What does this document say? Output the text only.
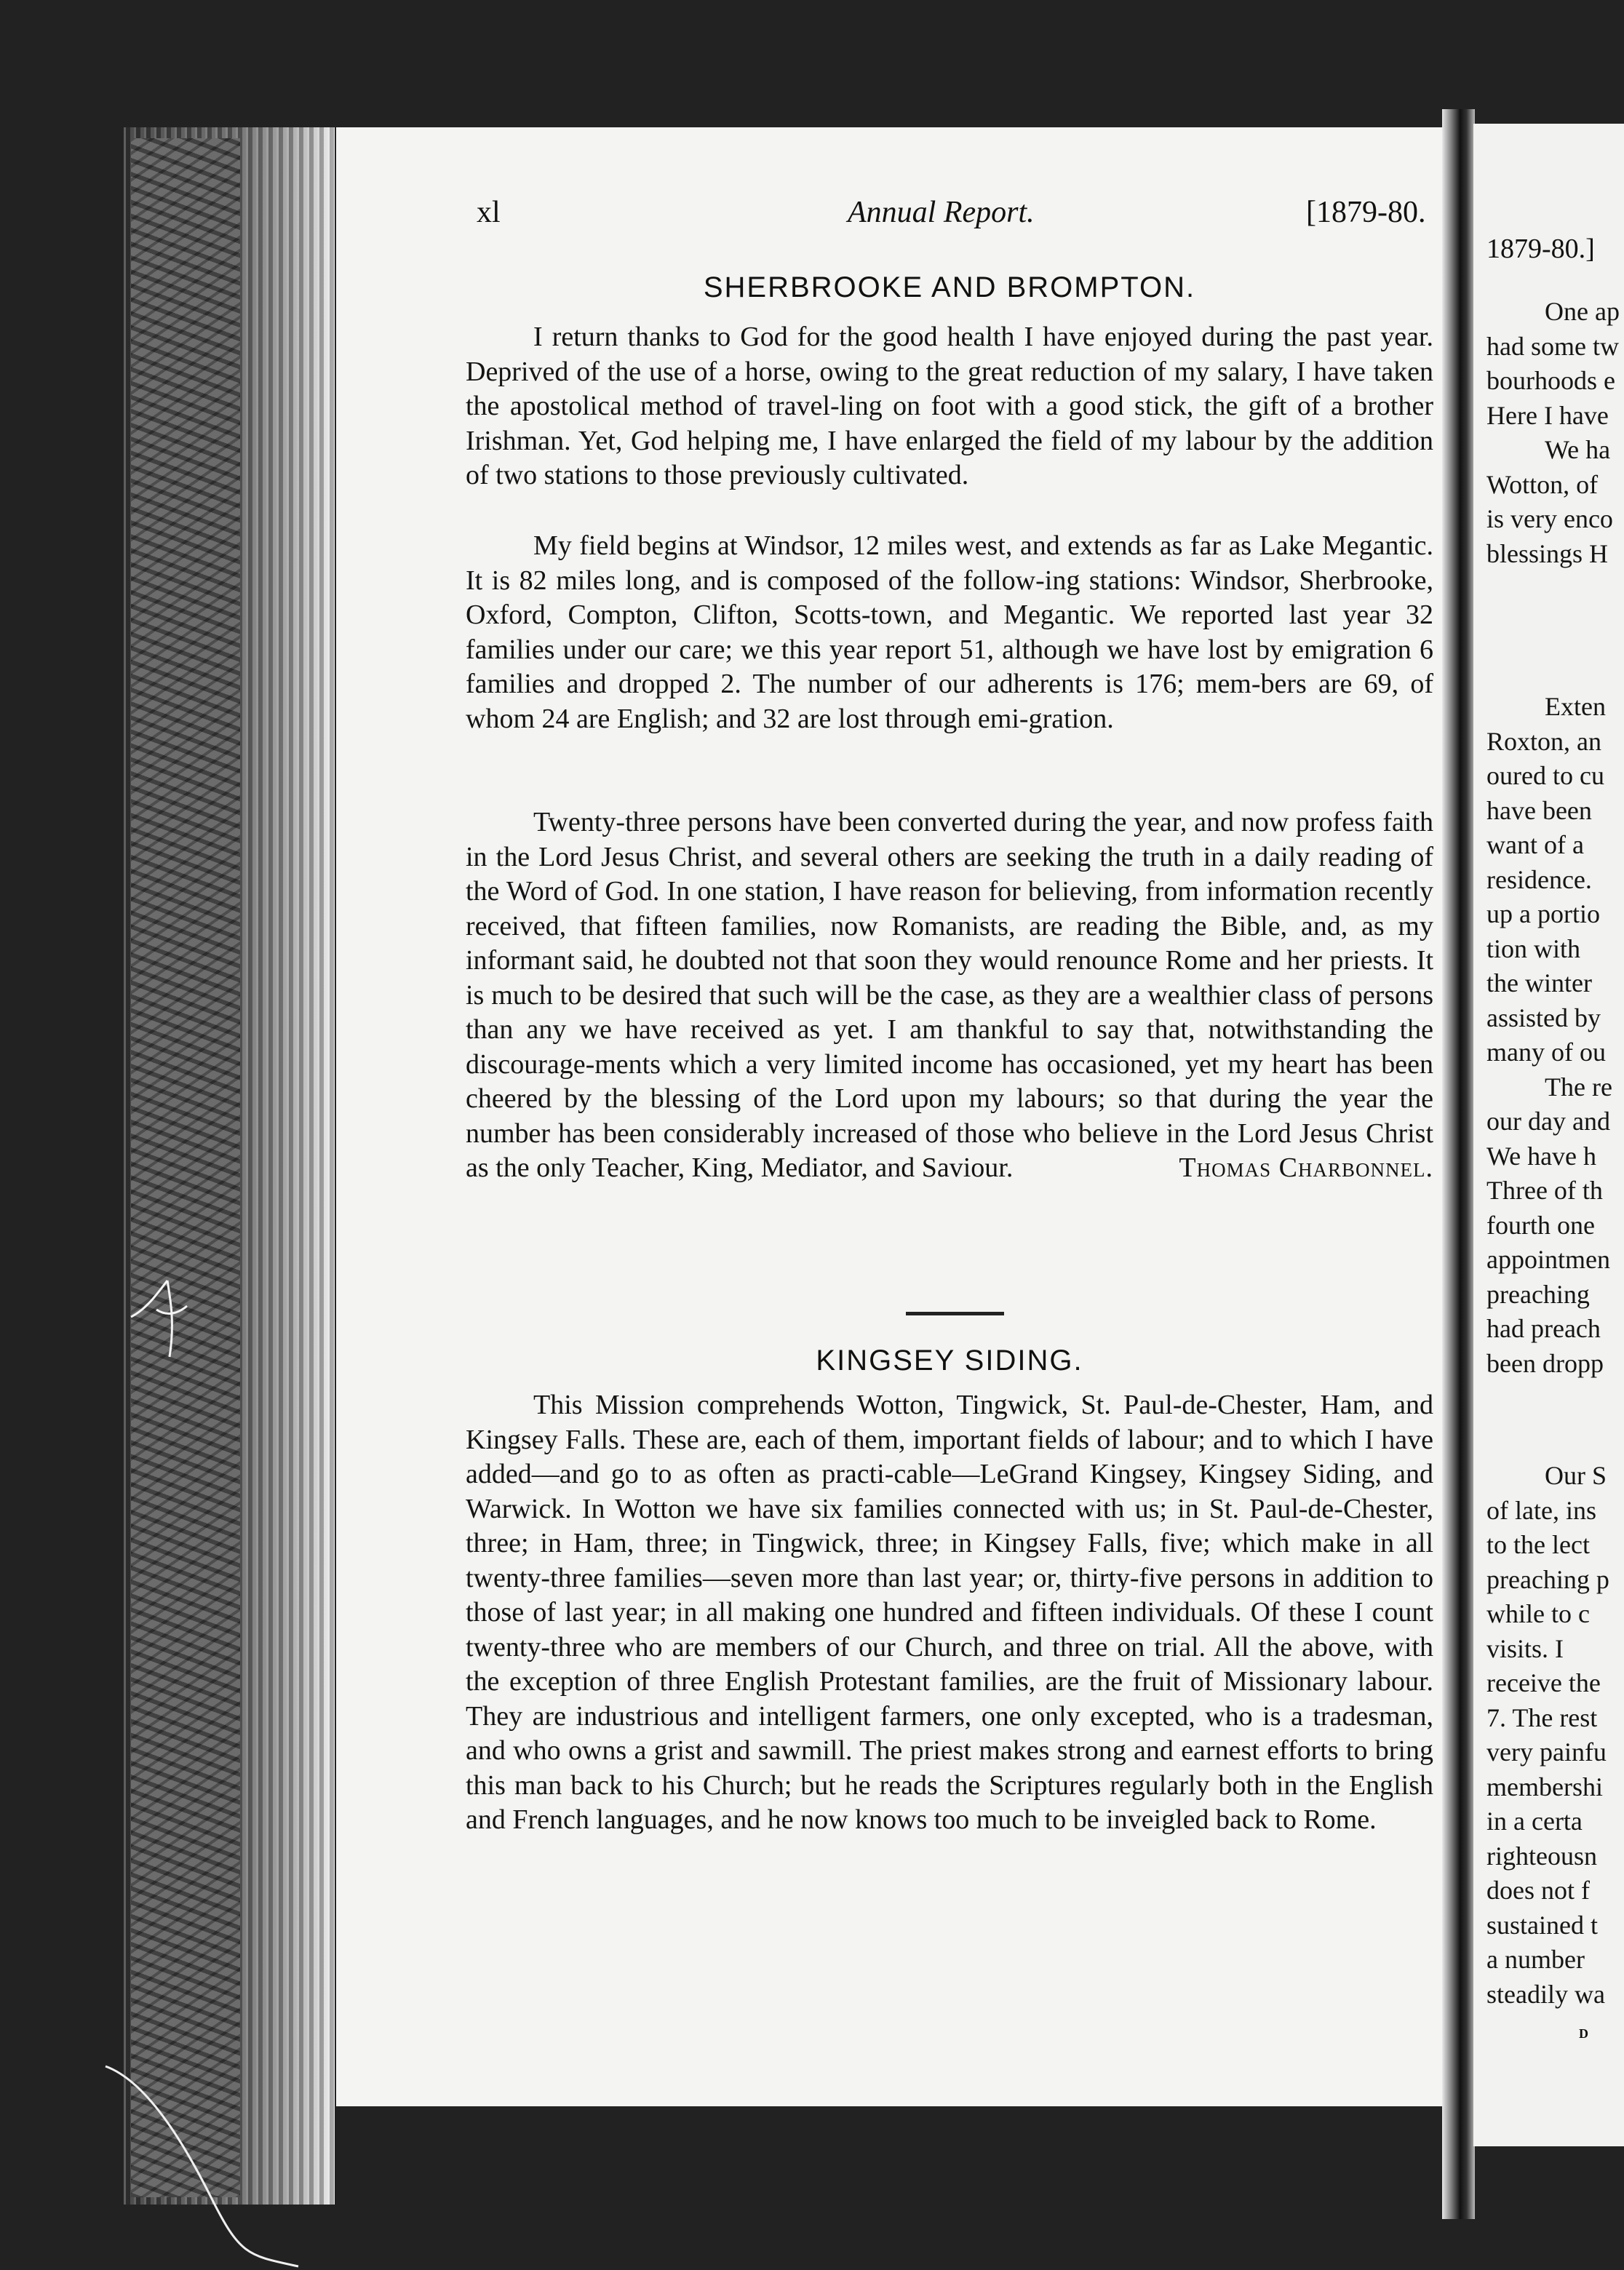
xl	Annual Report.	[1879-80.
SHERBROOKE AND BROMPTON.

I return thanks to God for the good health I have enjoyed during the past year. Deprived of the use of a horse, owing to the great reduction of my salary, I have taken the apostolical method of travel-ling on foot with a good stick, the gift of a brother Irishman. Yet, God helping me, I have enlarged the field of my labour by the addition of two stations to those previously cultivated.

My field begins at Windsor, 12 miles west, and extends as far as Lake Megantic. It is 82 miles long, and is composed of the follow-ing stations: Windsor, Sherbrooke, Oxford, Compton, Clifton, Scotts-town, and Megantic. We reported last year 32 families under our care; we this year report 51, although we have lost by emigration 6 families and dropped 2. The number of our adherents is 176; mem-bers are 69, of whom 24 are English; and 32 are lost through emi-gration.

Twenty-three persons have been converted during the year, and now profess faith in the Lord Jesus Christ, and several others are seeking the truth in a daily reading of the Word of God. In one station, I have reason for believing, from information recently received, that fifteen families, now Romanists, are reading the Bible, and, as my informant said, he doubted not that soon they would renounce Rome and her priests. It is much to be desired that such will be the case, as they are a wealthier class of persons than any we have received as yet. I am thankful to say that, notwithstanding the discourage-ments which a very limited income has occasioned, yet my heart has been cheered by the blessing of the Lord upon my labours; so that during the year the number has been considerably increased of those who believe in the Lord Jesus Christ as the only Teacher, King, Mediator, and Saviour.	Thomas Charbonnel.

KINGSEY SIDING.

This Mission comprehends Wotton, Tingwick, St. Paul-de-Chester, Ham, and Kingsey Falls. These are, each of them, important fields of labour; and to which I have added—and go to as often as practi-cable—LeGrand Kingsey, Kingsey Siding, and Warwick. In Wotton we have six families connected with us; in St. Paul-de-Chester, three; in Ham, three; in Tingwick, three; in Kingsey Falls, five; which make in all twenty-three families—seven more than last year; or, thirty-five persons in addition to those of last year; in all making one hundred and fifteen individuals. Of these I count twenty-three who are members of our Church, and three on trial. All the above, with the exception of three English Protestant families, are the fruit of Missionary labour. They are industrious and intelligent farmers, one only excepted, who is a tradesman, and who owns a grist and sawmill. The priest makes strong and earnest efforts to bring this man back to his Church; but he reads the Scriptures regularly both in the English and French languages, and he now knows too much to be inveigled back to Rome.

1879-80.]
One ap
had some tw
bourhoods e
Here I have
We ha
Wotton, of
is very enco
blessings H
Exten
Roxton, an
oured to cu
have been
want of a
residence.
up a portio
tion with
the winter
assisted by
many of ou
The re
our day and
We have h
Three of th
fourth one
appointmen
preaching
had preach
been dropp
Our S
of late, ins
to the lect
preaching p
while to c
visits. I
receive the
7. The rest
very painfu
membershi
in a certa
righteousn
does not f
sustained t
a number
steadily wa
D
